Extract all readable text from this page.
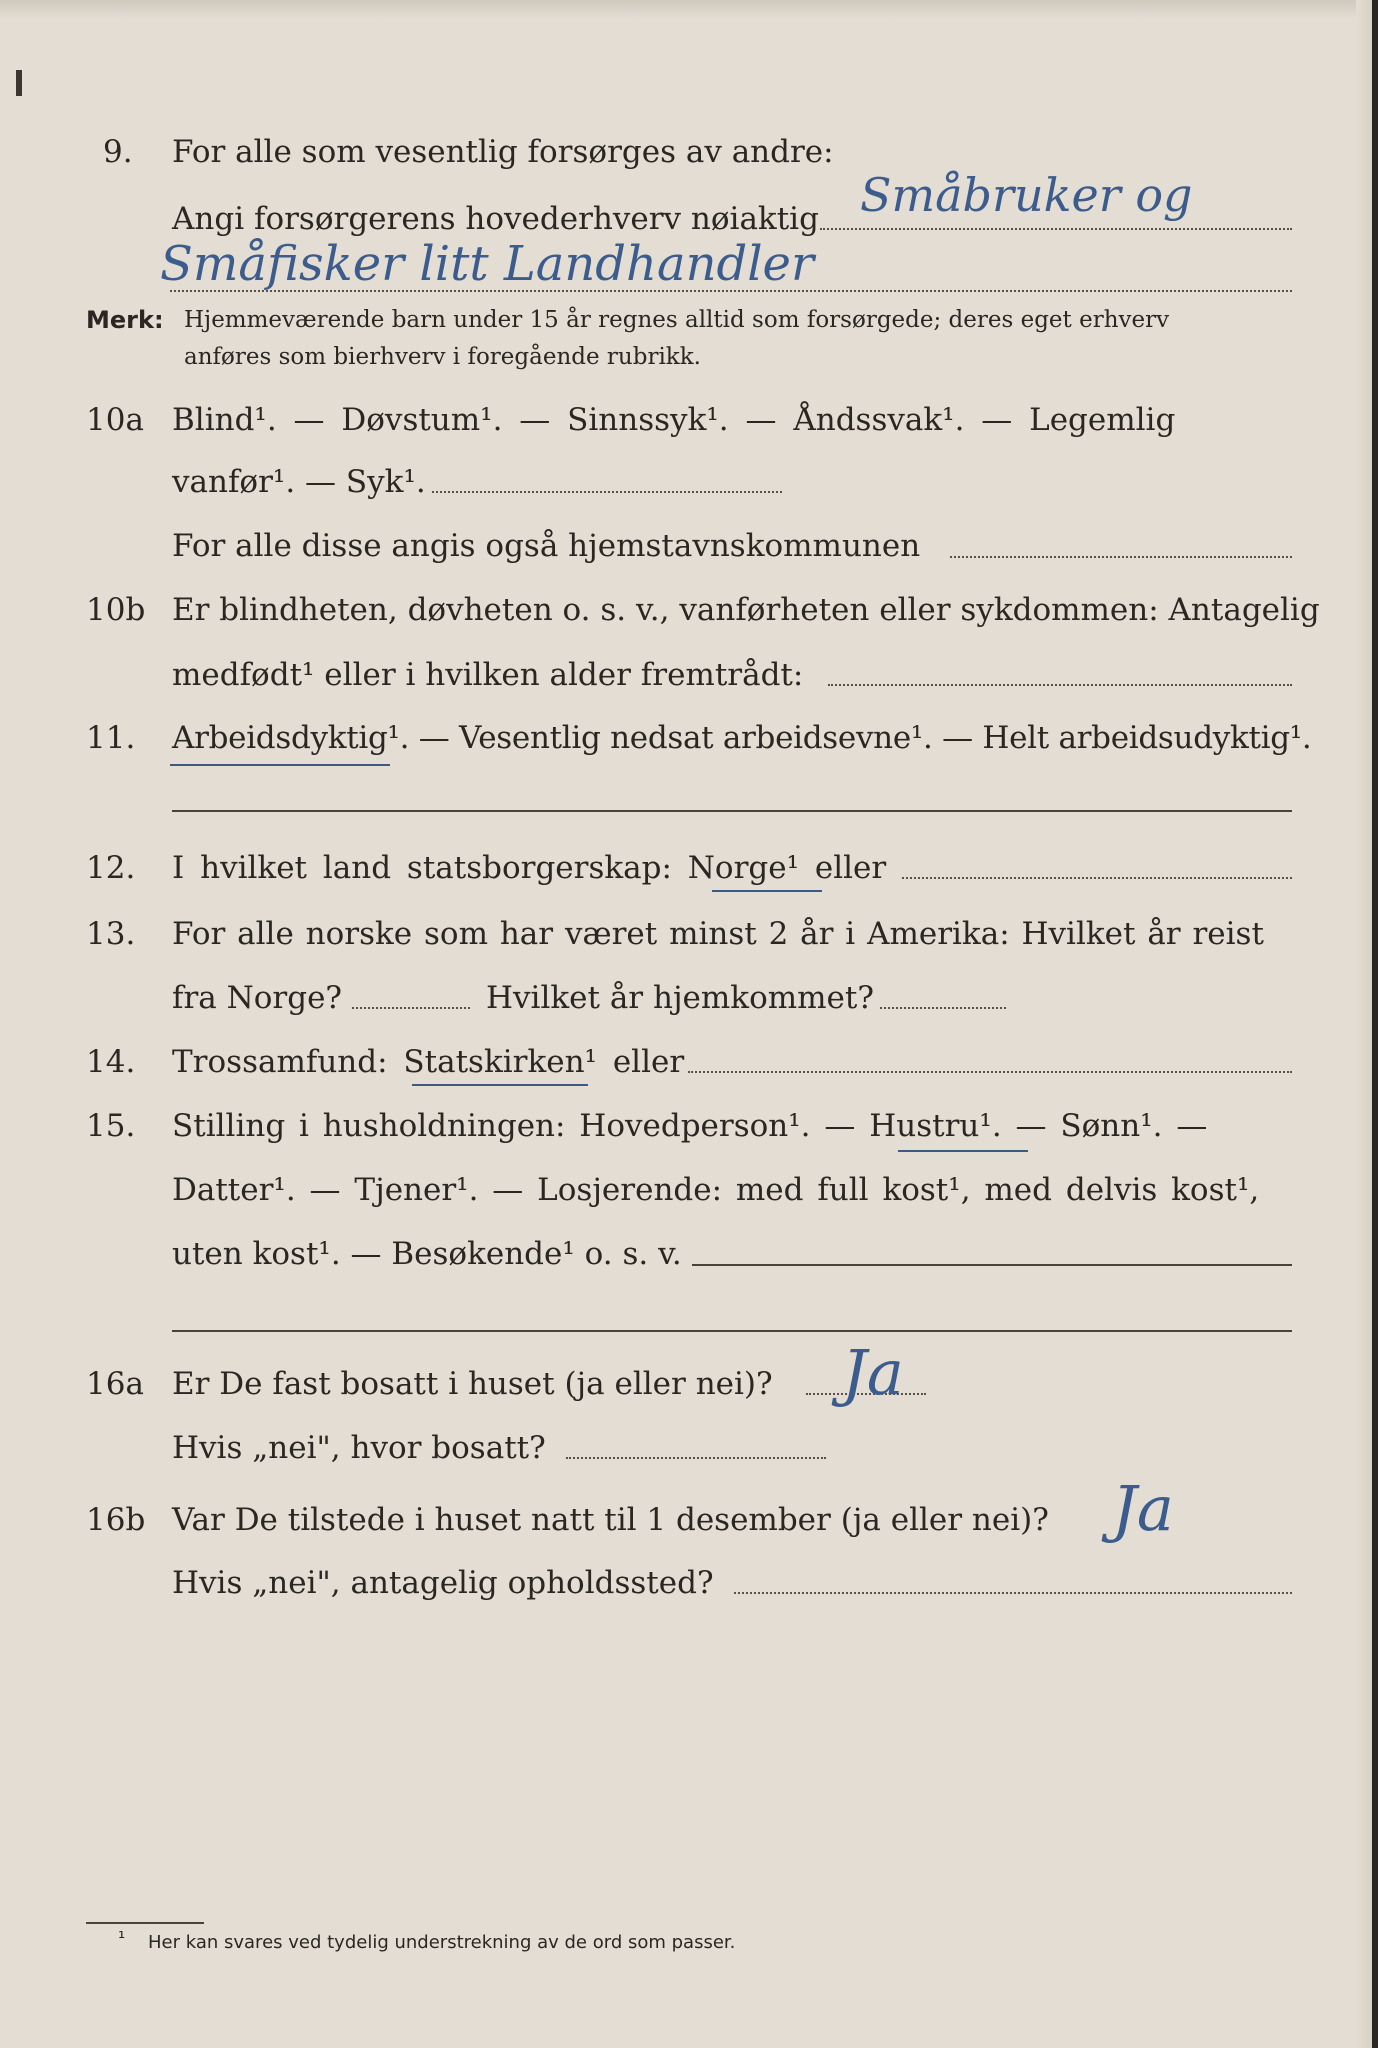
9. For alle som vesentlig forsørges av andre:
Angi forsørgerens hovederhverv nøiaktig Småbruker og
Småfisker litt Landhandler
Merk: Hjemmeværende barn under 15 år regnes alltid som forsørgede; deres eget erhverv
anføres som bierhverv i foregående rubrikk.
10a Blind¹. — Døvstum¹. — Sinnssyk¹. — Åndssvak¹. — Legemlig
vanfør¹. — Syk¹.
For alle disse angis også hjemstavnskommunen
10b Er blindheten, døvheten o. s. v., vanførheten eller sykdommen: Antagelig
medfødt¹ eller i hvilken alder fremtrådt:
11. Arbeidsdyktig¹. — Vesentlig nedsat arbeidsevne¹. — Helt arbeidsudyktig¹.
12. I hvilket land statsborgerskap: Norge¹ eller
13. For alle norske som har været minst 2 år i Amerika: Hvilket år reist
fra Norge?	Hvilket år hjemkommet?
14. Trossamfund: Statskirken¹ eller
15. Stilling i husholdningen: Hovedperson¹. — Hustru¹. — Sønn¹. —
Datter¹. — Tjener¹. — Losjerende: med full kost¹, med delvis kost¹,
uten kost¹. — Besøkende¹ o. s. v.
16a Er De fast bosatt i huset (ja eller nei)? Ja
Hvis „nei", hvor bosatt?
16b Var De tilstede i huset natt til 1 desember (ja eller nei)? Ja
Hvis „nei", antagelig opholdssted?
¹ Her kan svares ved tydelig understrekning av de ord som passer.
